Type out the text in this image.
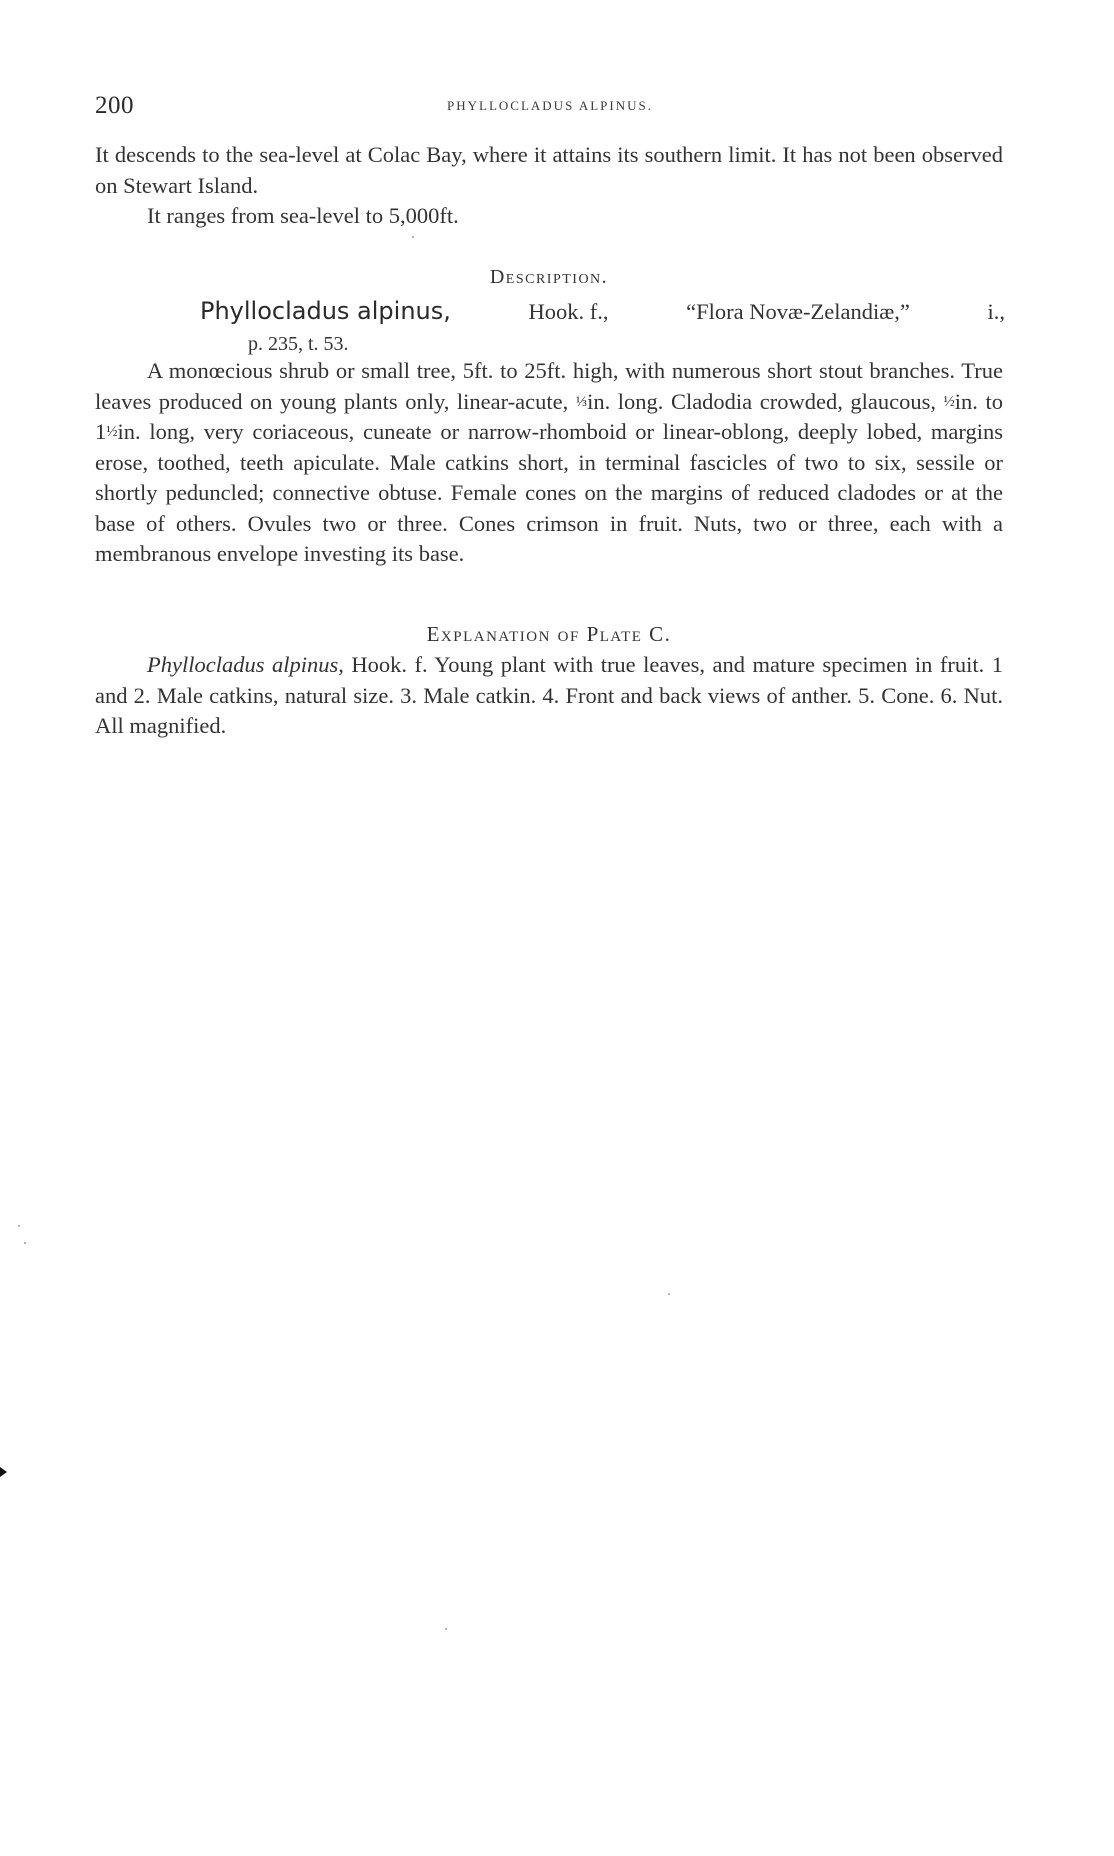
200	PHYLLOCLADUS ALPINUS.

It descends to the sea-level at Colac Bay, where it attains its southern limit. It has not been observed on Stewart Island.

It ranges from sea-level to 5,000ft.

Description.
Phyllocladus alpinus,	Hook. f.,	“Flora Novæ-Zelandiæ,”	i.,
p. 235, t. 53.

A monœcious shrub or small tree, 5ft. to 25ft. high, with numerous short stout branches. True leaves produced on young plants only, linear-acute, ⅓in. long. Cladodia crowded, glaucous, ½in. to 1½in. long, very coriaceous, cuneate or narrow-rhomboid or linear-oblong, deeply lobed, margins erose, toothed, teeth apiculate. Male catkins short, in terminal fascicles of two to six, sessile or shortly peduncled; connective obtuse. Female cones on the margins of reduced cladodes or at the base of others. Ovules two or three. Cones crimson in fruit. Nuts, two or three, each with a membranous envelope investing its base.

Explanation of Plate C.

Phyllocladus alpinus, Hook. f. Young plant with true leaves, and mature specimen in fruit. 1 and 2. Male catkins, natural size. 3. Male catkin. 4. Front and back views of anther. 5. Cone. 6. Nut. All magnified.
